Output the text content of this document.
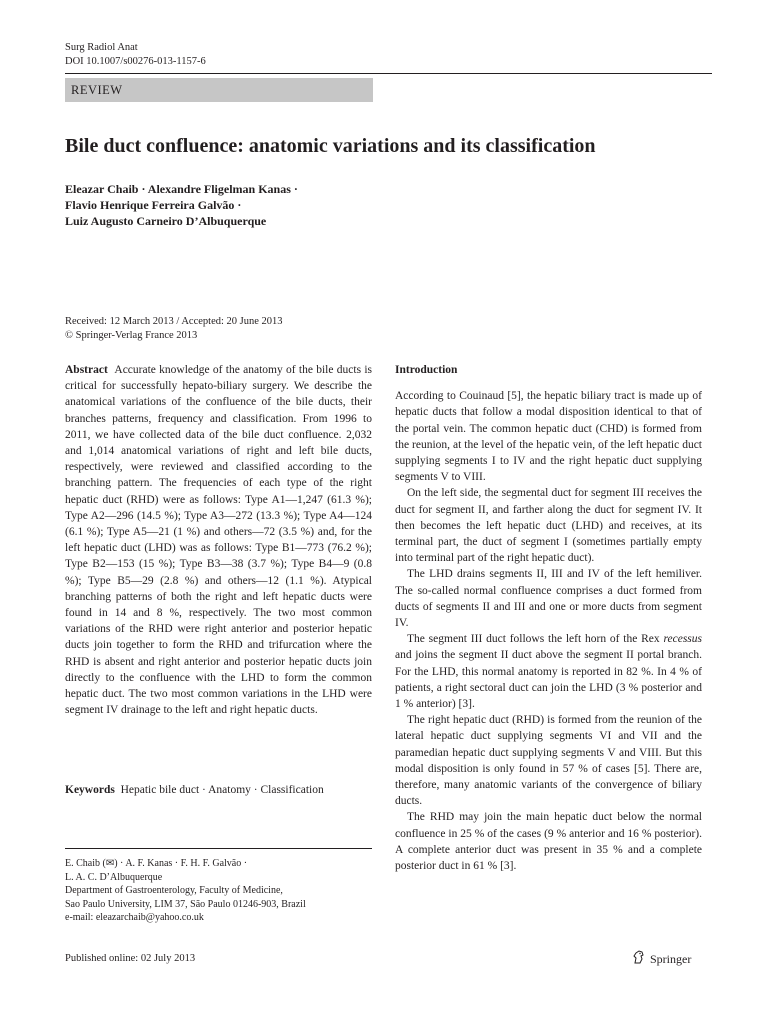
Surg Radiol Anat
DOI 10.1007/s00276-013-1157-6
REVIEW
Bile duct confluence: anatomic variations and its classification
Eleazar Chaib · Alexandre Fligelman Kanas ·
Flavio Henrique Ferreira Galvão ·
Luiz Augusto Carneiro D’Albuquerque
Received: 12 March 2013 / Accepted: 20 June 2013
© Springer-Verlag France 2013

Abstract Accurate knowledge of the anatomy of the bile ducts is critical for successfully hepato-biliary surgery. We describe the anatomical variations of the confluence of the bile ducts, their branches patterns, frequency and classification. From 1996 to 2011, we have collected data of the bile duct confluence. 2,032 and 1,014 anatomical variations of right and left bile ducts, respectively, were reviewed and classified according to the branching pattern. The frequencies of each type of the right hepatic duct (RHD) were as follows: Type A1—1,247 (61.3 %); Type A2—296 (14.5 %); Type A3—272 (13.3 %); Type A4—124 (6.1 %); Type A5—21 (1 %) and others—72 (3.5 %) and, for the left hepatic duct (LHD) was as follows: Type B1—773 (76.2 %); Type B2—153 (15 %); Type B3—38 (3.7 %); Type B4—9 (0.8 %); Type B5—29 (2.8 %) and others—12 (1.1 %). Atypical branching patterns of both the right and left hepatic ducts were found in 14 and 8 %, respectively. The two most common variations of the RHD were right anterior and posterior hepatic ducts join together to form the RHD and trifurcation where the RHD is absent and right anterior and posterior hepatic ducts join directly to the confluence with the LHD to form the common hepatic duct. The two most common variations in the LHD were segment IV drainage to the left and right hepatic ducts.

Keywords Hepatic bile duct · Anatomy · Classification
E. Chaib (✉) · A. F. Kanas · F. H. F. Galvão ·
L. A. C. D’Albuquerque
Department of Gastroenterology, Faculty of Medicine,
Sao Paulo University, LIM 37, São Paulo 01246-903, Brazil
e-mail: eleazarchaib@yahoo.co.uk
Introduction

According to Couinaud [5], the hepatic biliary tract is made up of hepatic ducts that follow a modal disposition identical to that of the portal vein. The common hepatic duct (CHD) is formed from the reunion, at the level of the hepatic vein, of the left hepatic duct supplying segments I to IV and the right hepatic duct supplying segments V to VIII.

On the left side, the segmental duct for segment III receives the duct for segment II, and farther along the duct for segment IV. It then becomes the left hepatic duct (LHD) and receives, at its terminal part, the duct of segment I (sometimes partially empty into terminal part of the right hepatic duct).

The LHD drains segments II, III and IV of the left hemiliver. The so-called normal confluence comprises a duct formed from ducts of segments II and III and one or more ducts from segment IV.

The segment III duct follows the left horn of the Rex recessus and joins the segment II duct above the segment II portal branch. For the LHD, this normal anatomy is reported in 82 %. In 4 % of patients, a right sectoral duct can join the LHD (3 % posterior and 1 % anterior) [3].

The right hepatic duct (RHD) is formed from the reunion of the lateral hepatic duct supplying segments VI and VII and the paramedian hepatic duct supplying segments V and VIII. But this modal disposition is only found in 57 % of cases [5]. There are, therefore, many anatomic variants of the convergence of biliary ducts.

The RHD may join the main hepatic duct below the normal confluence in 25 % of the cases (9 % anterior and 16 % posterior). A complete anterior duct was present in 35 % and a complete posterior duct in 61 % [3].

Published online: 02 July 2013	Springer
